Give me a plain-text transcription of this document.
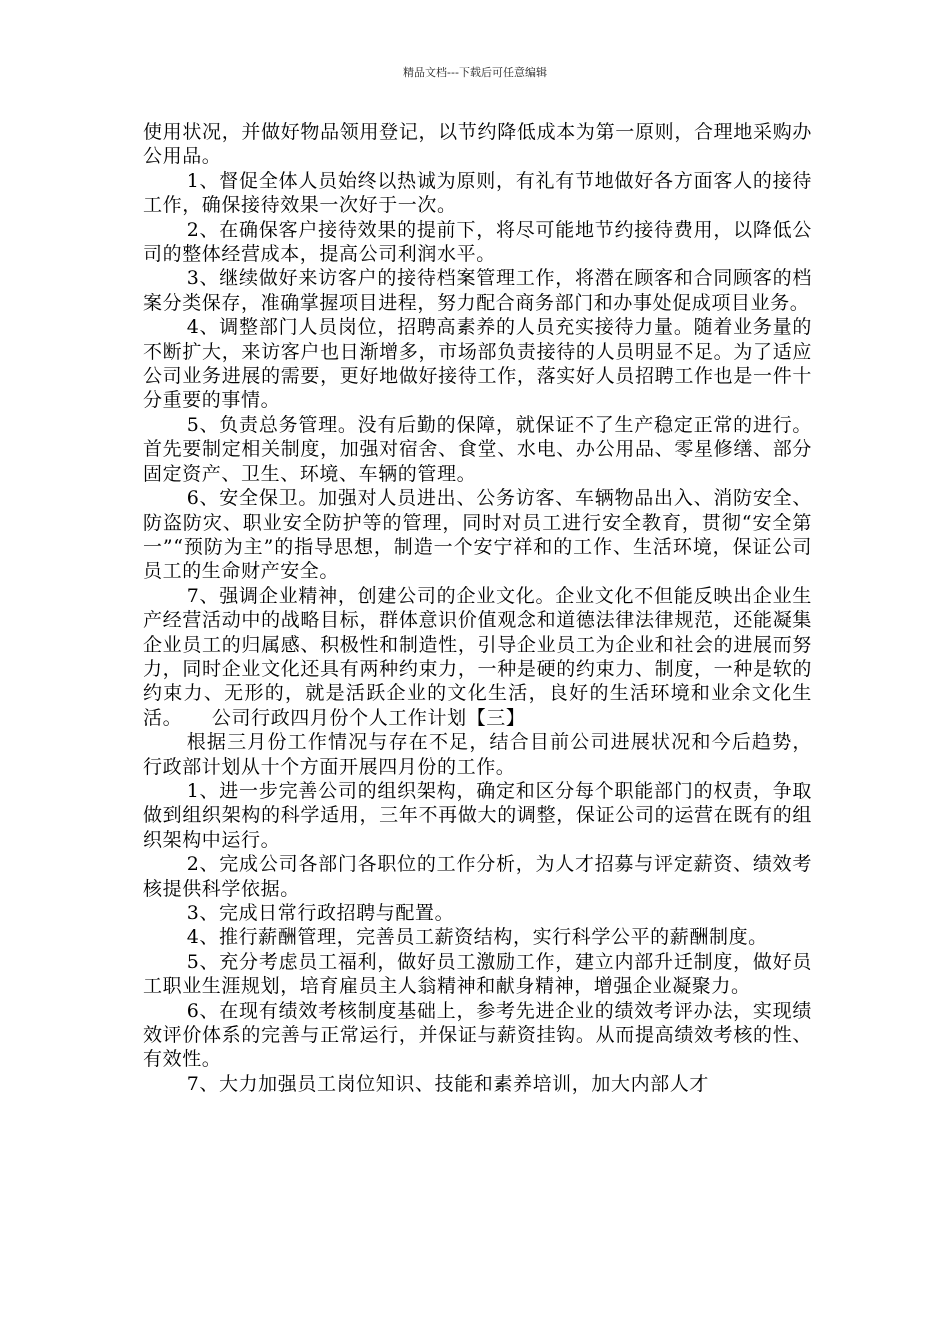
精品文档---下载后可任意编辑

使用状况，并做好物品领用登记，以节约降低成本为第一原则，合理地采购办公用品。

1、督促全体人员始终以热诚为原则，有礼有节地做好各方面客人的接待工作，确保接待效果一次好于一次。

2、在确保客户接待效果的提前下，将尽可能地节约接待费用，以降低公司的整体经营成本，提高公司利润水平。

3、继续做好来访客户的接待档案管理工作，将潜在顾客和合同顾客的档案分类保存，准确掌握项目进程，努力配合商务部门和办事处促成项目业务。

4、调整部门人员岗位，招聘高素养的人员充实接待力量。随着业务量的不断扩大，来访客户也日渐增多，市场部负责接待的人员明显不足。为了适应公司业务进展的需要，更好地做好接待工作，落实好人员招聘工作也是一件十分重要的事情。

5、负责总务管理。没有后勤的保障，就保证不了生产稳定正常的进行。首先要制定相关制度，加强对宿舍、食堂、水电、办公用品、零星修缮、部分固定资产、卫生、环境、车辆的管理。

6、安全保卫。加强对人员进出、公务访客、车辆物品出入、消防安全、防盗防灾、职业安全防护等的管理，同时对员工进行安全教育，贯彻“安全第一”“预防为主”的指导思想，制造一个安宁祥和的工作、生活环境，保证公司员工的生命财产安全。

7、强调企业精神，创建公司的企业文化。企业文化不但能反映出企业生产经营活动中的战略目标，群体意识价值观念和道德法律法律规范，还能凝集企业员工的归属感、积极性和制造性，引导企业员工为企业和社会的进展而努力，同时企业文化还具有两种约束力，一种是硬的约束力、制度，一种是软的约束力、无形的，就是活跃企业的文化生活，良好的生活环境和业余文化生活。　　公司行政四月份个人工作计划【三】

根据三月份工作情况与存在不足，结合目前公司进展状况和今后趋势，行政部计划从十个方面开展四月份的工作。

1、进一步完善公司的组织架构，确定和区分每个职能部门的权责，争取做到组织架构的科学适用，三年不再做大的调整，保证公司的运营在既有的组织架构中运行。

2、完成公司各部门各职位的工作分析，为人才招募与评定薪资、绩效考核提供科学依据。

3、完成日常行政招聘与配置。

4、推行薪酬管理，完善员工薪资结构，实行科学公平的薪酬制度。

5、充分考虑员工福利，做好员工激励工作，建立内部升迁制度，做好员工职业生涯规划，培育雇员主人翁精神和献身精神，增强企业凝聚力。

6、在现有绩效考核制度基础上，参考先进企业的绩效考评办法，实现绩效评价体系的完善与正常运行，并保证与薪资挂钩。从而提高绩效考核的性、有效性。

7、大力加强员工岗位知识、技能和素养培训，加大内部人才
